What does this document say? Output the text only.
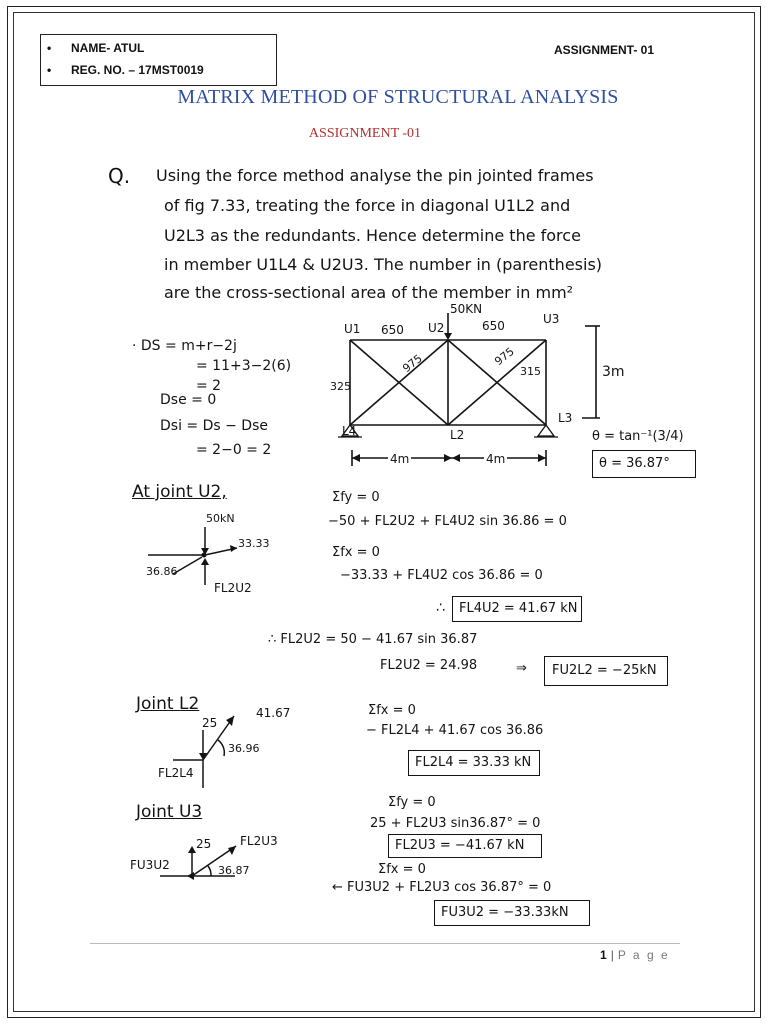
• NAME- ATUL
• REG. NO. – 17MST0019
ASSIGNMENT- 01
MATRIX METHOD OF STRUCTURAL ANALYSIS
ASSIGNMENT -01
Q. Using the force method analyse the pin jointed frames
of fig 7.33, treating the force in diagonal U1L2 and
U2L3 as the redundants. Hence determine the force
in member U1L4 & U2U3. The number in (parenthesis)
are the cross-sectional area of the member in mm²
· DS = m+r−2j
= 11+3−2(6)
= 2
Dse = 0
Dsi = Ds − Dse
= 2−0 = 2
50KN
U1	U2
U3
L4	L2
L3
650	650
975	975
325
315	3m
4m	4m
θ = tan⁻¹(3/4)
θ = 36.87°
At joint U2,
50kN
33.33
36.86
FL2U2
Σfy = 0
−50 + FL2U2 + FL4U2 sin 36.86 = 0
Σfx = 0
−33.33 + FL4U2 cos 36.86 = 0
∴ FL4U2 = 41.67 kN
∴ FL2U2 = 50 − 41.67 sin 36.87
FL2U2 = 24.98	⇒ FU2L2 = −25kN
Joint L2
25
41.67
36.96
FL2L4
Σfx = 0
− FL2L4 + 41.67 cos 36.86
FL2L4 = 33.33 kN
Joint U3
25 FL2U3
FU3U2	36.87
Σfy = 0
25 + FL2U3 sin36.87° = 0
FL2U3 = −41.67 kN
Σfx = 0
← FU3U2 + FL2U3 cos 36.87° = 0
FU3U2 = −33.33kN
1 | P a g e
